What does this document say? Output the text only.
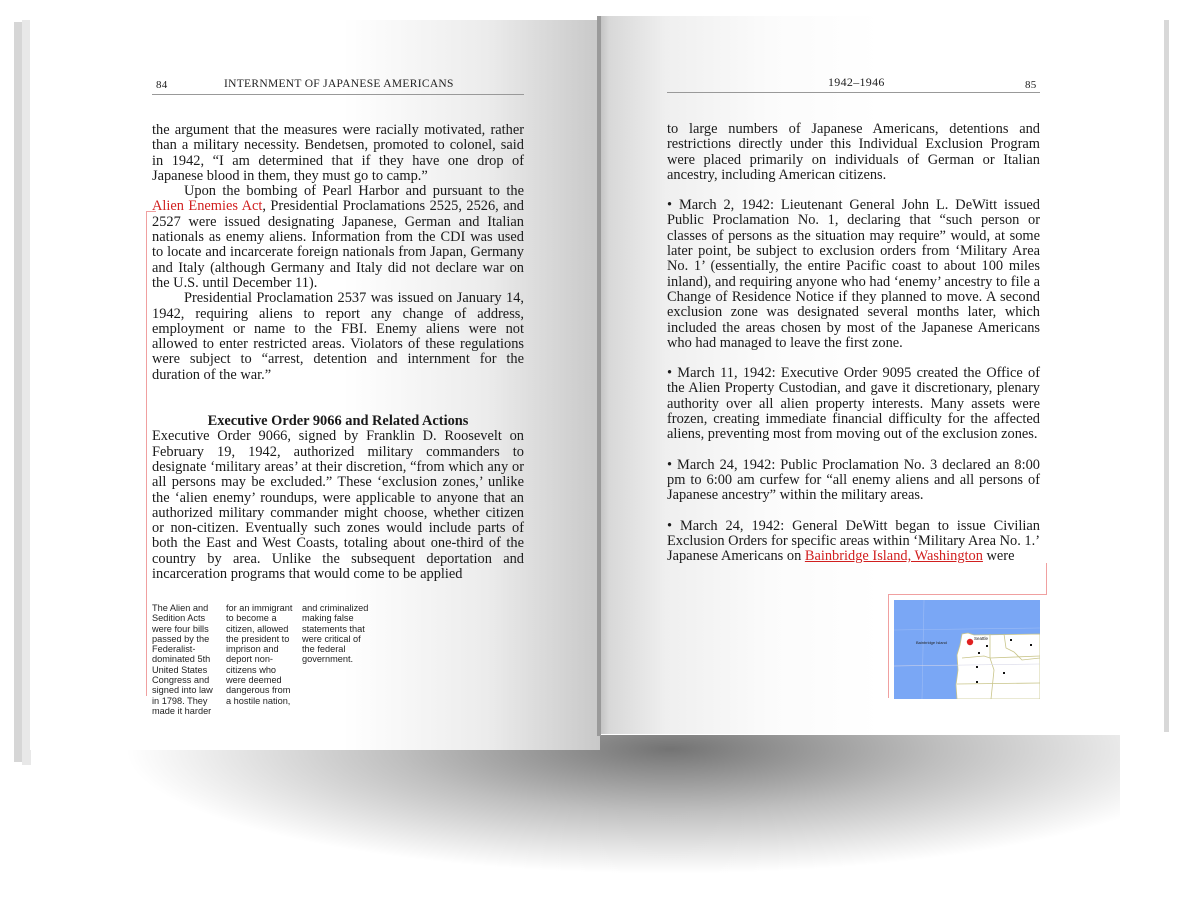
84	INTERNMENT OF JAPANESE AMERICANS

the argument that the measures were racially motivated, rather than a military necessity. Bendetsen, promoted to colonel, said in 1942, “I am determined that if they have one drop of Japanese blood in them, they must go to camp.”

Upon the bombing of Pearl Harbor and pursuant to the Alien Enemies Act, Presidential Proclamations 2525, 2526, and 2527 were issued designating Japanese, German and Italian nationals as enemy aliens. Information from the CDI was used to locate and incarcerate foreign nationals from Japan, Germany and Italy (although Germany and Italy did not declare war on the U.S. until December 11).

Presidential Proclamation 2537 was issued on January 14, 1942, requiring aliens to report any change of address, employment or name to the FBI. Enemy aliens were not allowed to enter restricted areas. Violators of these regulations were subject to “arrest, detention and internment for the duration of the war.”

Executive Order 9066 and Related Actions

Executive Order 9066, signed by Franklin D. Roosevelt on February 19, 1942, authorized military commanders to designate ‘military areas’ at their discretion, “from which any or all persons may be excluded.” These ‘exclusion zones,’ unlike the ‘alien enemy’ roundups, were applicable to anyone that an authorized military commander might choose, whether citizen or non-citizen. Eventually such zones would include parts of both the East and West Coasts, totaling about one-third of the country by area. Unlike the subsequent deportation and incarceration programs that would come to be applied

The Alien and Sedition Acts were four bills passed by the Federalist-dominated 5th United States Congress and signed into law in 1798. They made it harder
for an immigrant to become a citizen, allowed the president to imprison and deport non-citizens who were deemed dangerous from a hostile nation,
and criminalized making false statements that were critical of the federal government.
1942–1946	85

to large numbers of Japanese Americans, detentions and restrictions directly under this Individual Exclusion Program were placed primarily on individuals of German or Italian ancestry, including American citizens.

• March 2, 1942: Lieutenant General John L. DeWitt issued Public Proclamation No. 1, declaring that “such person or classes of persons as the situation may require” would, at some later point, be subject to exclusion orders from ‘Military Area No. 1’ (essentially, the entire Pacific coast to about 100 miles inland), and requiring anyone who had ‘enemy’ ancestry to file a Change of Residence Notice if they planned to move. A second exclusion zone was designated several months later, which included the areas chosen by most of the Japanese Americans who had managed to leave the first zone.

• March 11, 1942: Executive Order 9095 created the Office of the Alien Property Custodian, and gave it discretionary, plenary authority over all alien property interests. Many assets were frozen, creating immediate financial difficulty for the affected aliens, preventing most from moving out of the exclusion zones.

• March 24, 1942: Public Proclamation No. 3 declared an 8:00 pm to 6:00 am curfew for “all enemy aliens and all persons of Japanese ancestry” within the military areas.

• March 24, 1942: General DeWitt began to issue Civilian Exclusion Orders for specific areas within ‘Military Area No. 1.’ Japanese Americans on Bainbridge Island, Washington were

Bainbridge Island
Seattle
